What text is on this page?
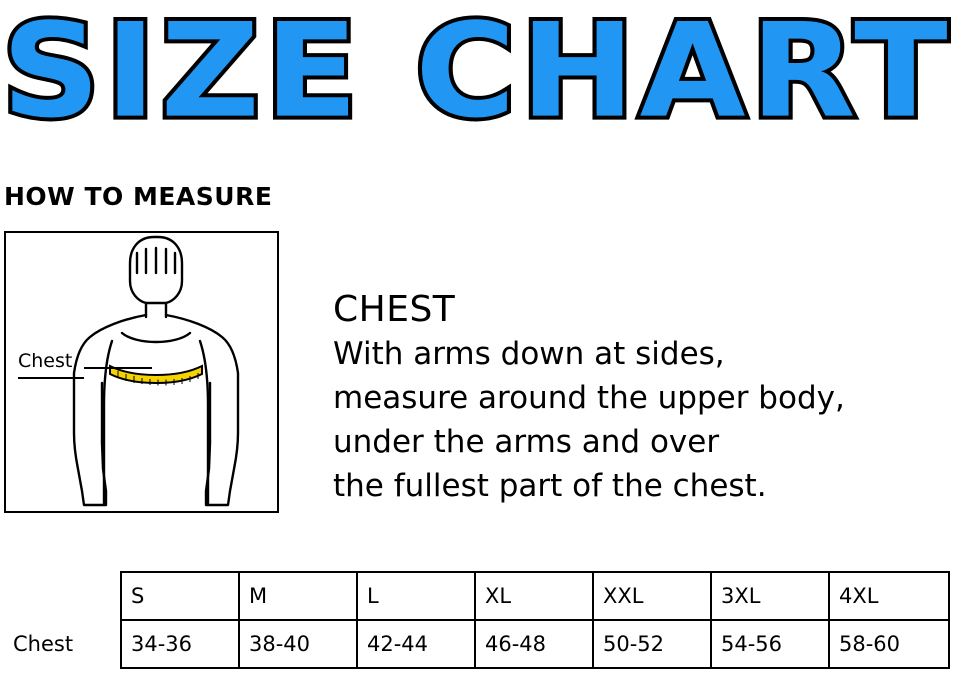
SIZE CHART
HOW TO MEASURE
Chest
CHEST
With arms down at sides,
measure around the upper body,
under the arms and over
the fullest part of the chest.
	S	M	L	XL	XXL	3XL	4XL
Chest	34-36	38-40	42-44	46-48	50-52	54-56	58-60
